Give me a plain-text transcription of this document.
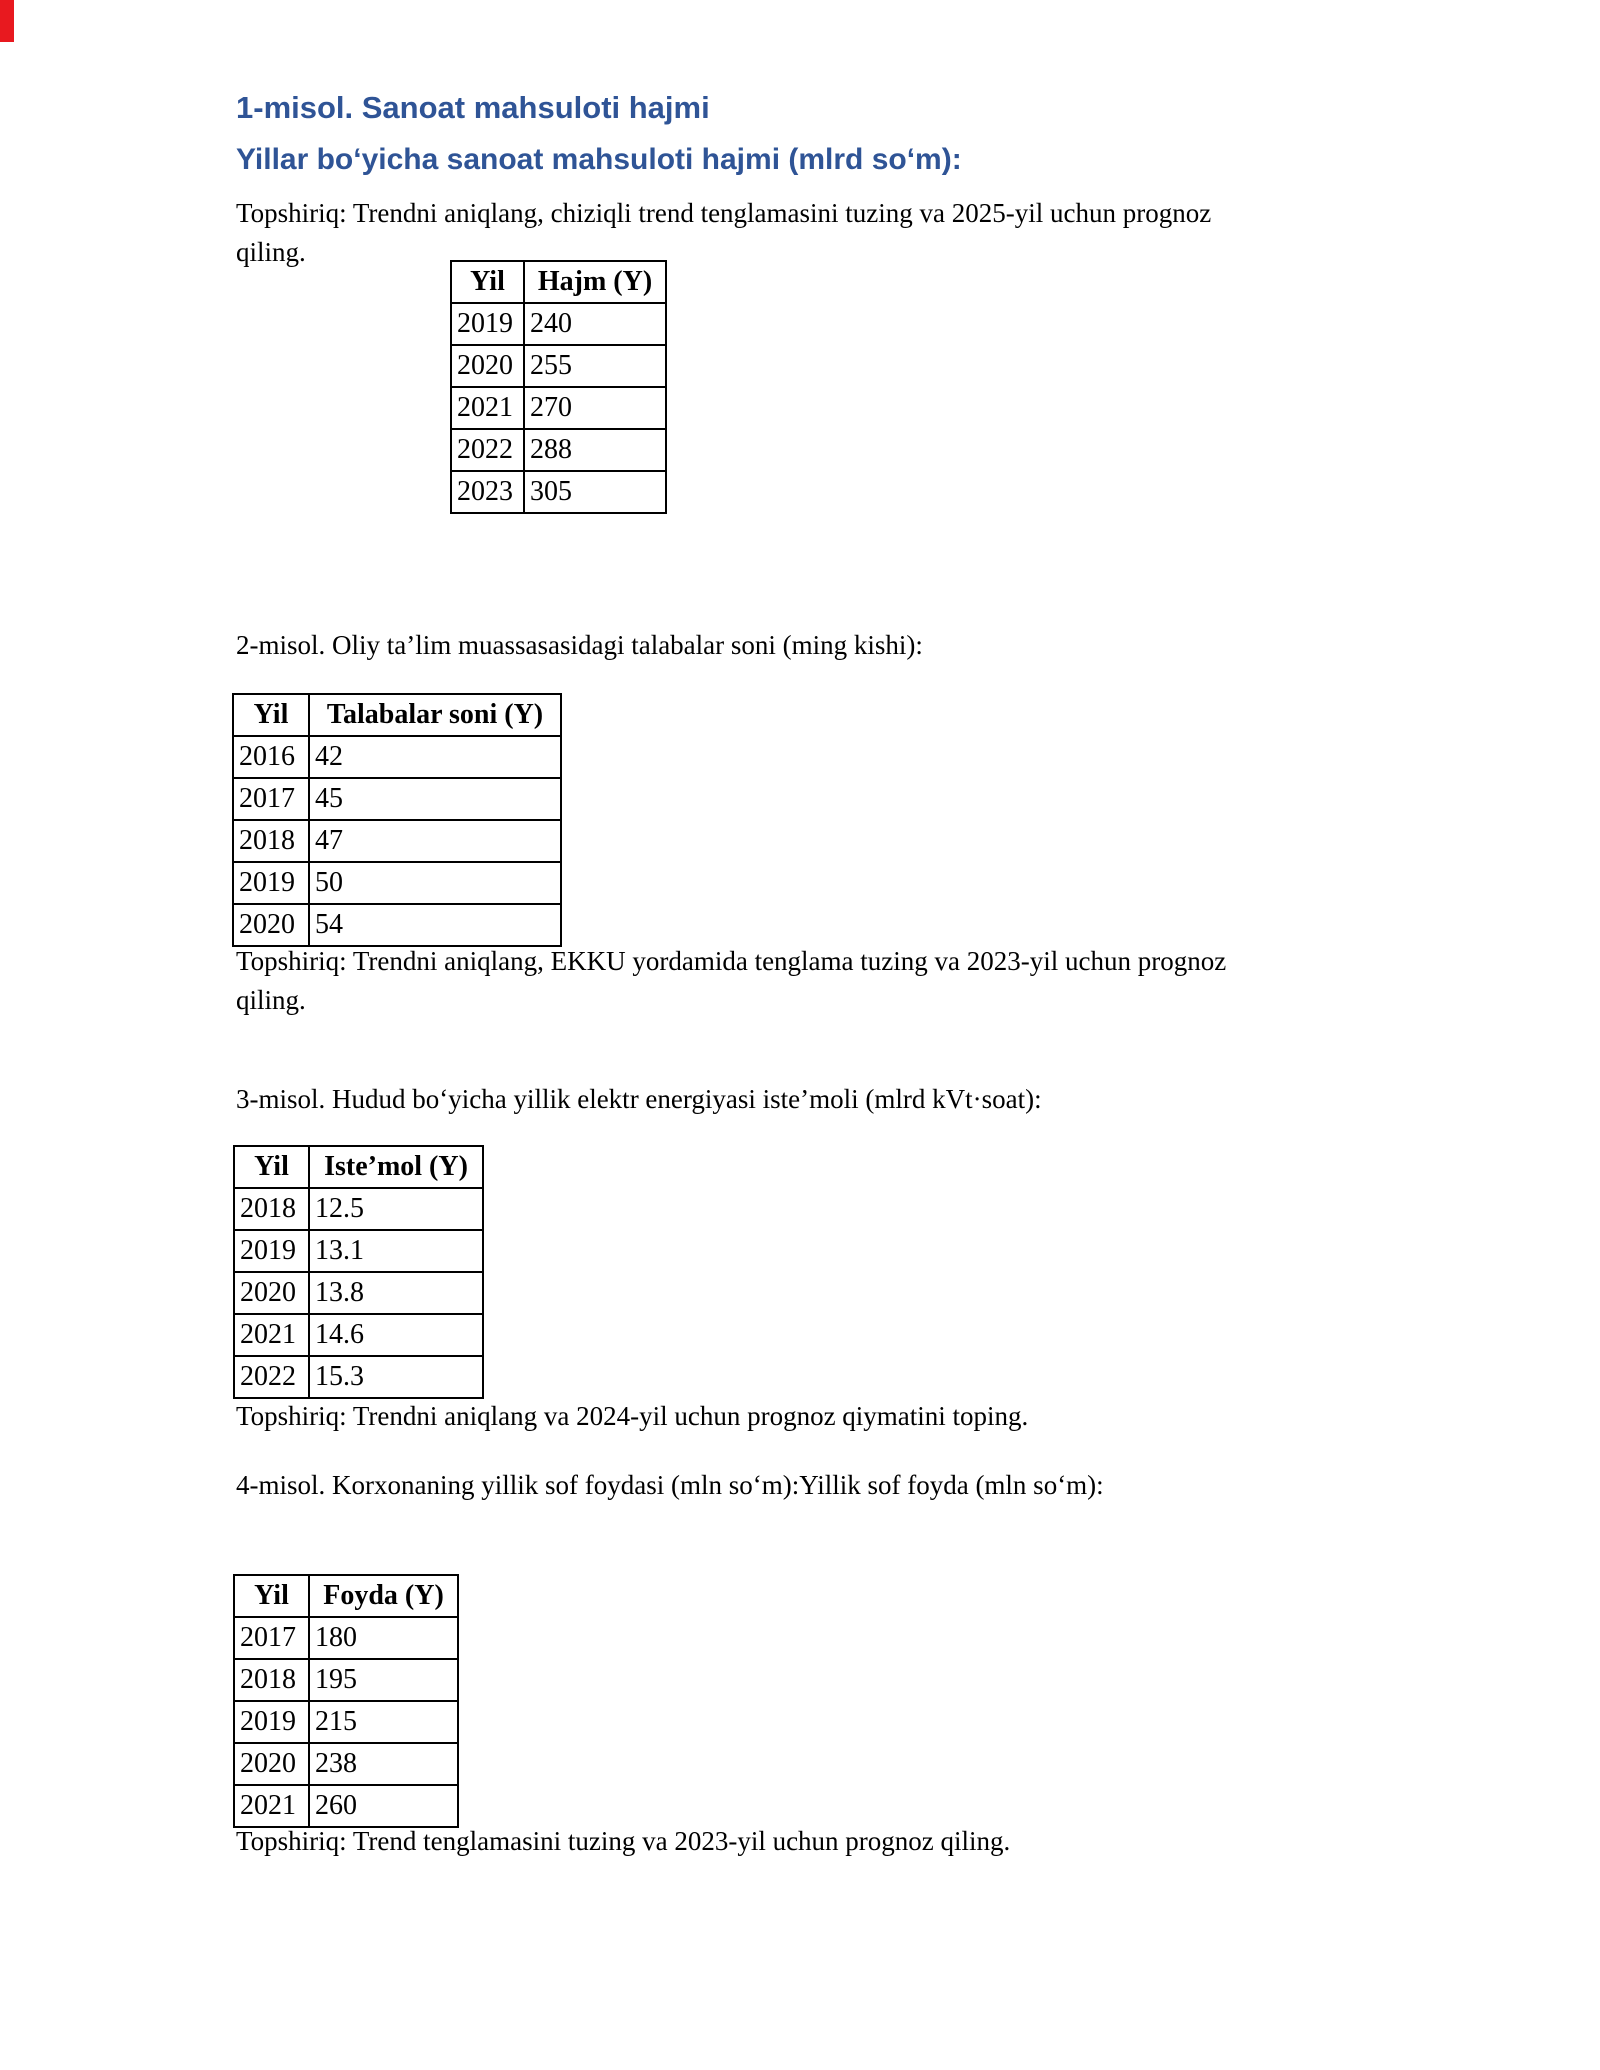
1-misol. Sanoat mahsuloti hajmi
Yillar boʻyicha sanoat mahsuloti hajmi (mlrd soʻm):
Topshiriq: Trendni aniqlang, chiziqli trend tenglamasini tuzing va 2025-yil uchun prognoz
qiling.
Yil	Hajm (Y)
2019	240
2020	255
2021	270
2022	288
2023	305
2-misol. Oliy ta’lim muassasasidagi talabalar soni (ming kishi):
Yil	Talabalar soni (Y)
2016	42
2017	45
2018	47
2019	50
2020	54
Topshiriq: Trendni aniqlang, EKKU yordamida tenglama tuzing va 2023-yil uchun prognoz
qiling.
3-misol. Hudud boʻyicha yillik elektr energiyasi iste’moli (mlrd kVt·soat):
Yil	Iste’mol (Y)
2018	12.5
2019	13.1
2020	13.8
2021	14.6
2022	15.3
Topshiriq: Trendni aniqlang va 2024-yil uchun prognoz qiymatini toping.
4-misol. Korxonaning yillik sof foydasi (mln soʻm):Yillik sof foyda (mln soʻm):
Yil	Foyda (Y)
2017	180
2018	195
2019	215
2020	238
2021	260
Topshiriq: Trend tenglamasini tuzing va 2023-yil uchun prognoz qiling.
